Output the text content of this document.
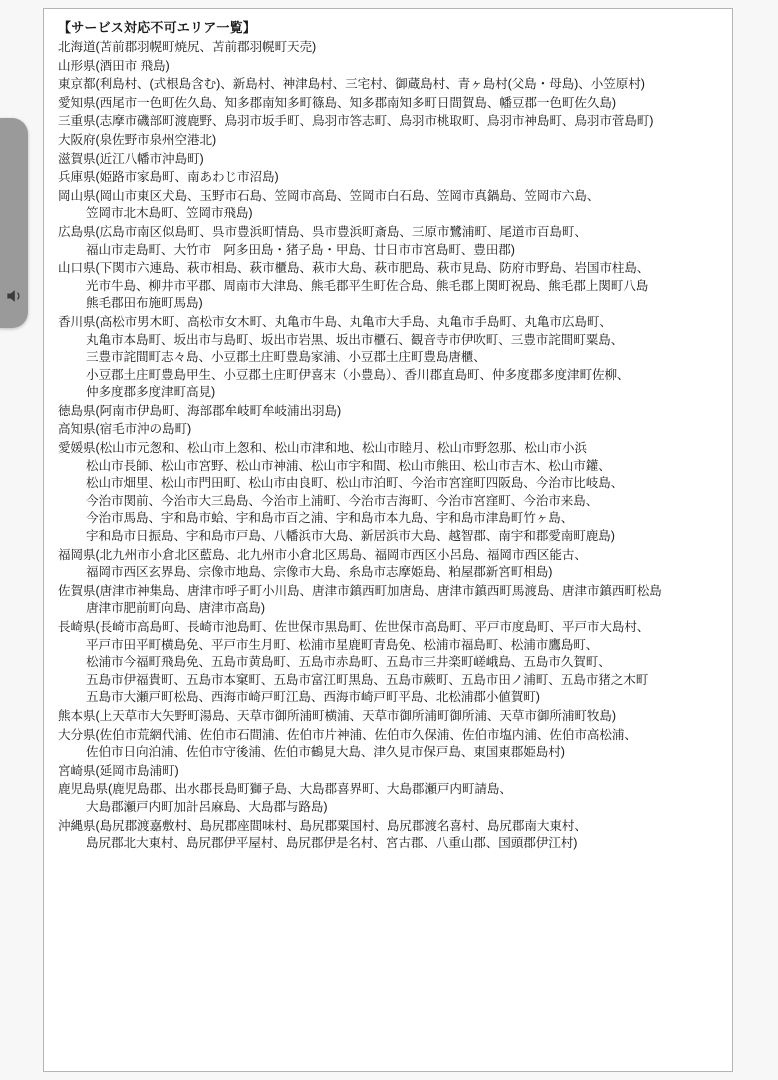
【サービス対応不可エリア一覧】
北海道(苫前郡羽幌町焼尻、苫前郡羽幌町天売)
山形県(酒田市 飛島)
東京都(利島村、(式根島含む)、新島村、神津島村、三宅村、御蔵島村、青ヶ島村(父島・母島)、小笠原村)
愛知県(西尾市一色町佐久島、知多郡南知多町篠島、知多郡南知多町日間賀島、幡豆郡一色町佐久島)
三重県(志摩市磯部町渡鹿野、鳥羽市坂手町、鳥羽市答志町、鳥羽市桃取町、鳥羽市神島町、鳥羽市菅島町)
大阪府(泉佐野市泉州空港北)
滋賀県(近江八幡市沖島町)
兵庫県(姫路市家島町、南あわじ市沼島)
岡山県(岡山市東区犬島、玉野市石島、笠岡市高島、笠岡市白石島、笠岡市真鍋島、笠岡市六島、
笠岡市北木島町、笠岡市飛島)
広島県(広島市南区似島町、呉市豊浜町情島、呉市豊浜町斎島、三原市鷺浦町、尾道市百島町、
福山市走島町、大竹市　阿多田島・猪子島・甲島、廿日市市宮島町、豊田郡)
山口県(下関市六連島、萩市相島、萩市櫃島、萩市大島、萩市肥島、萩市見島、防府市野島、岩国市柱島、
光市牛島、柳井市平郡、周南市大津島、熊毛郡平生町佐合島、熊毛郡上関町祝島、熊毛郡上関町八島
熊毛郡田布施町馬島)
香川県(高松市男木町、高松市女木町、丸亀市牛島、丸亀市大手島、丸亀市手島町、丸亀市広島町、
丸亀市本島町、坂出市与島町、坂出市岩黒、坂出市櫃石、観音寺市伊吹町、三豊市詫間町粟島、
三豊市詫間町志々島、小豆郡土庄町豊島家浦、小豆郡土庄町豊島唐櫃、
小豆郡土庄町豊島甲生、小豆郡土庄町伊喜末（小豊島）、香川郡直島町、仲多度郡多度津町佐柳、
仲多度郡多度津町高見)
徳島県(阿南市伊島町、海部郡牟岐町牟岐浦出羽島)
高知県(宿毛市沖の島町)
愛媛県(松山市元怱和、松山市上怱和、松山市津和地、松山市睦月、松山市野忽那、松山市小浜
松山市長師、松山市宮野、松山市神浦、松山市宇和間、松山市熊田、松山市吉木、松山市鑵、
松山市畑里、松山市門田町、松山市由良町、松山市泊町、今治市宮窪町四阪島、今治市比岐島、
今治市関前、今治市大三島島、今治市上浦町、今治市吉海町、今治市宮窪町、今治市来島、
今治市馬島、宇和島市蛤、宇和島市百之浦、宇和島市本九島、宇和島市津島町竹ヶ島、
宇和島市日振島、宇和島市戸島、八幡浜市大島、新居浜市大島、越智郡、南宇和郡愛南町鹿島)
福岡県(北九州市小倉北区藍島、北九州市小倉北区馬島、福岡市西区小呂島、福岡市西区能古、
福岡市西区玄界島、宗像市地島、宗像市大島、糸島市志摩姫島、粕屋郡新宮町相島)
佐賀県(唐津市神集島、唐津市呼子町小川島、唐津市鎮西町加唐島、唐津市鎮西町馬渡島、唐津市鎮西町松島
唐津市肥前町向島、唐津市高島)
長崎県(長崎市高島町、長崎市池島町、佐世保市黒島町、佐世保市高島町、平戸市度島町、平戸市大島村、
平戸市田平町横島免、平戸市生月町、松浦市星鹿町青島免、松浦市福島町、松浦市鷹島町、
松浦市今福町飛島免、五島市黄島町、五島市赤島町、五島市三井楽町嵯峨島、五島市久賀町、
五島市伊福貴町、五島市本窠町、五島市富江町黒島、五島市蕨町、五島市田ノ浦町、五島市猪之木町
五島市大瀬戸町松島、西海市崎戸町江島、西海市崎戸町平島、北松浦郡小値賀町)
熊本県(上天草市大矢野町湯島、天草市御所浦町横浦、天草市御所浦町御所浦、天草市御所浦町牧島)
大分県(佐伯市荒網代浦、佐伯市石間浦、佐伯市片神浦、佐伯市久保浦、佐伯市塩内浦、佐伯市高松浦、
佐伯市日向泊浦、佐伯市守後浦、佐伯市鶴見大島、津久見市保戸島、東国東郡姫島村)
宮崎県(延岡市島浦町)
鹿児島県(鹿児島郡、出水郡長島町獅子島、大島郡喜界町、大島郡瀬戸内町請島、
大島郡瀬戸内町加計呂麻島、大島郡与路島)
沖縄県(島尻郡渡嘉敷村、島尻郡座間味村、島尻郡粟国村、島尻郡渡名喜村、島尻郡南大東村、
島尻郡北大東村、島尻郡伊平屋村、島尻郡伊是名村、宮古郡、八重山郡、国頭郡伊江村)
